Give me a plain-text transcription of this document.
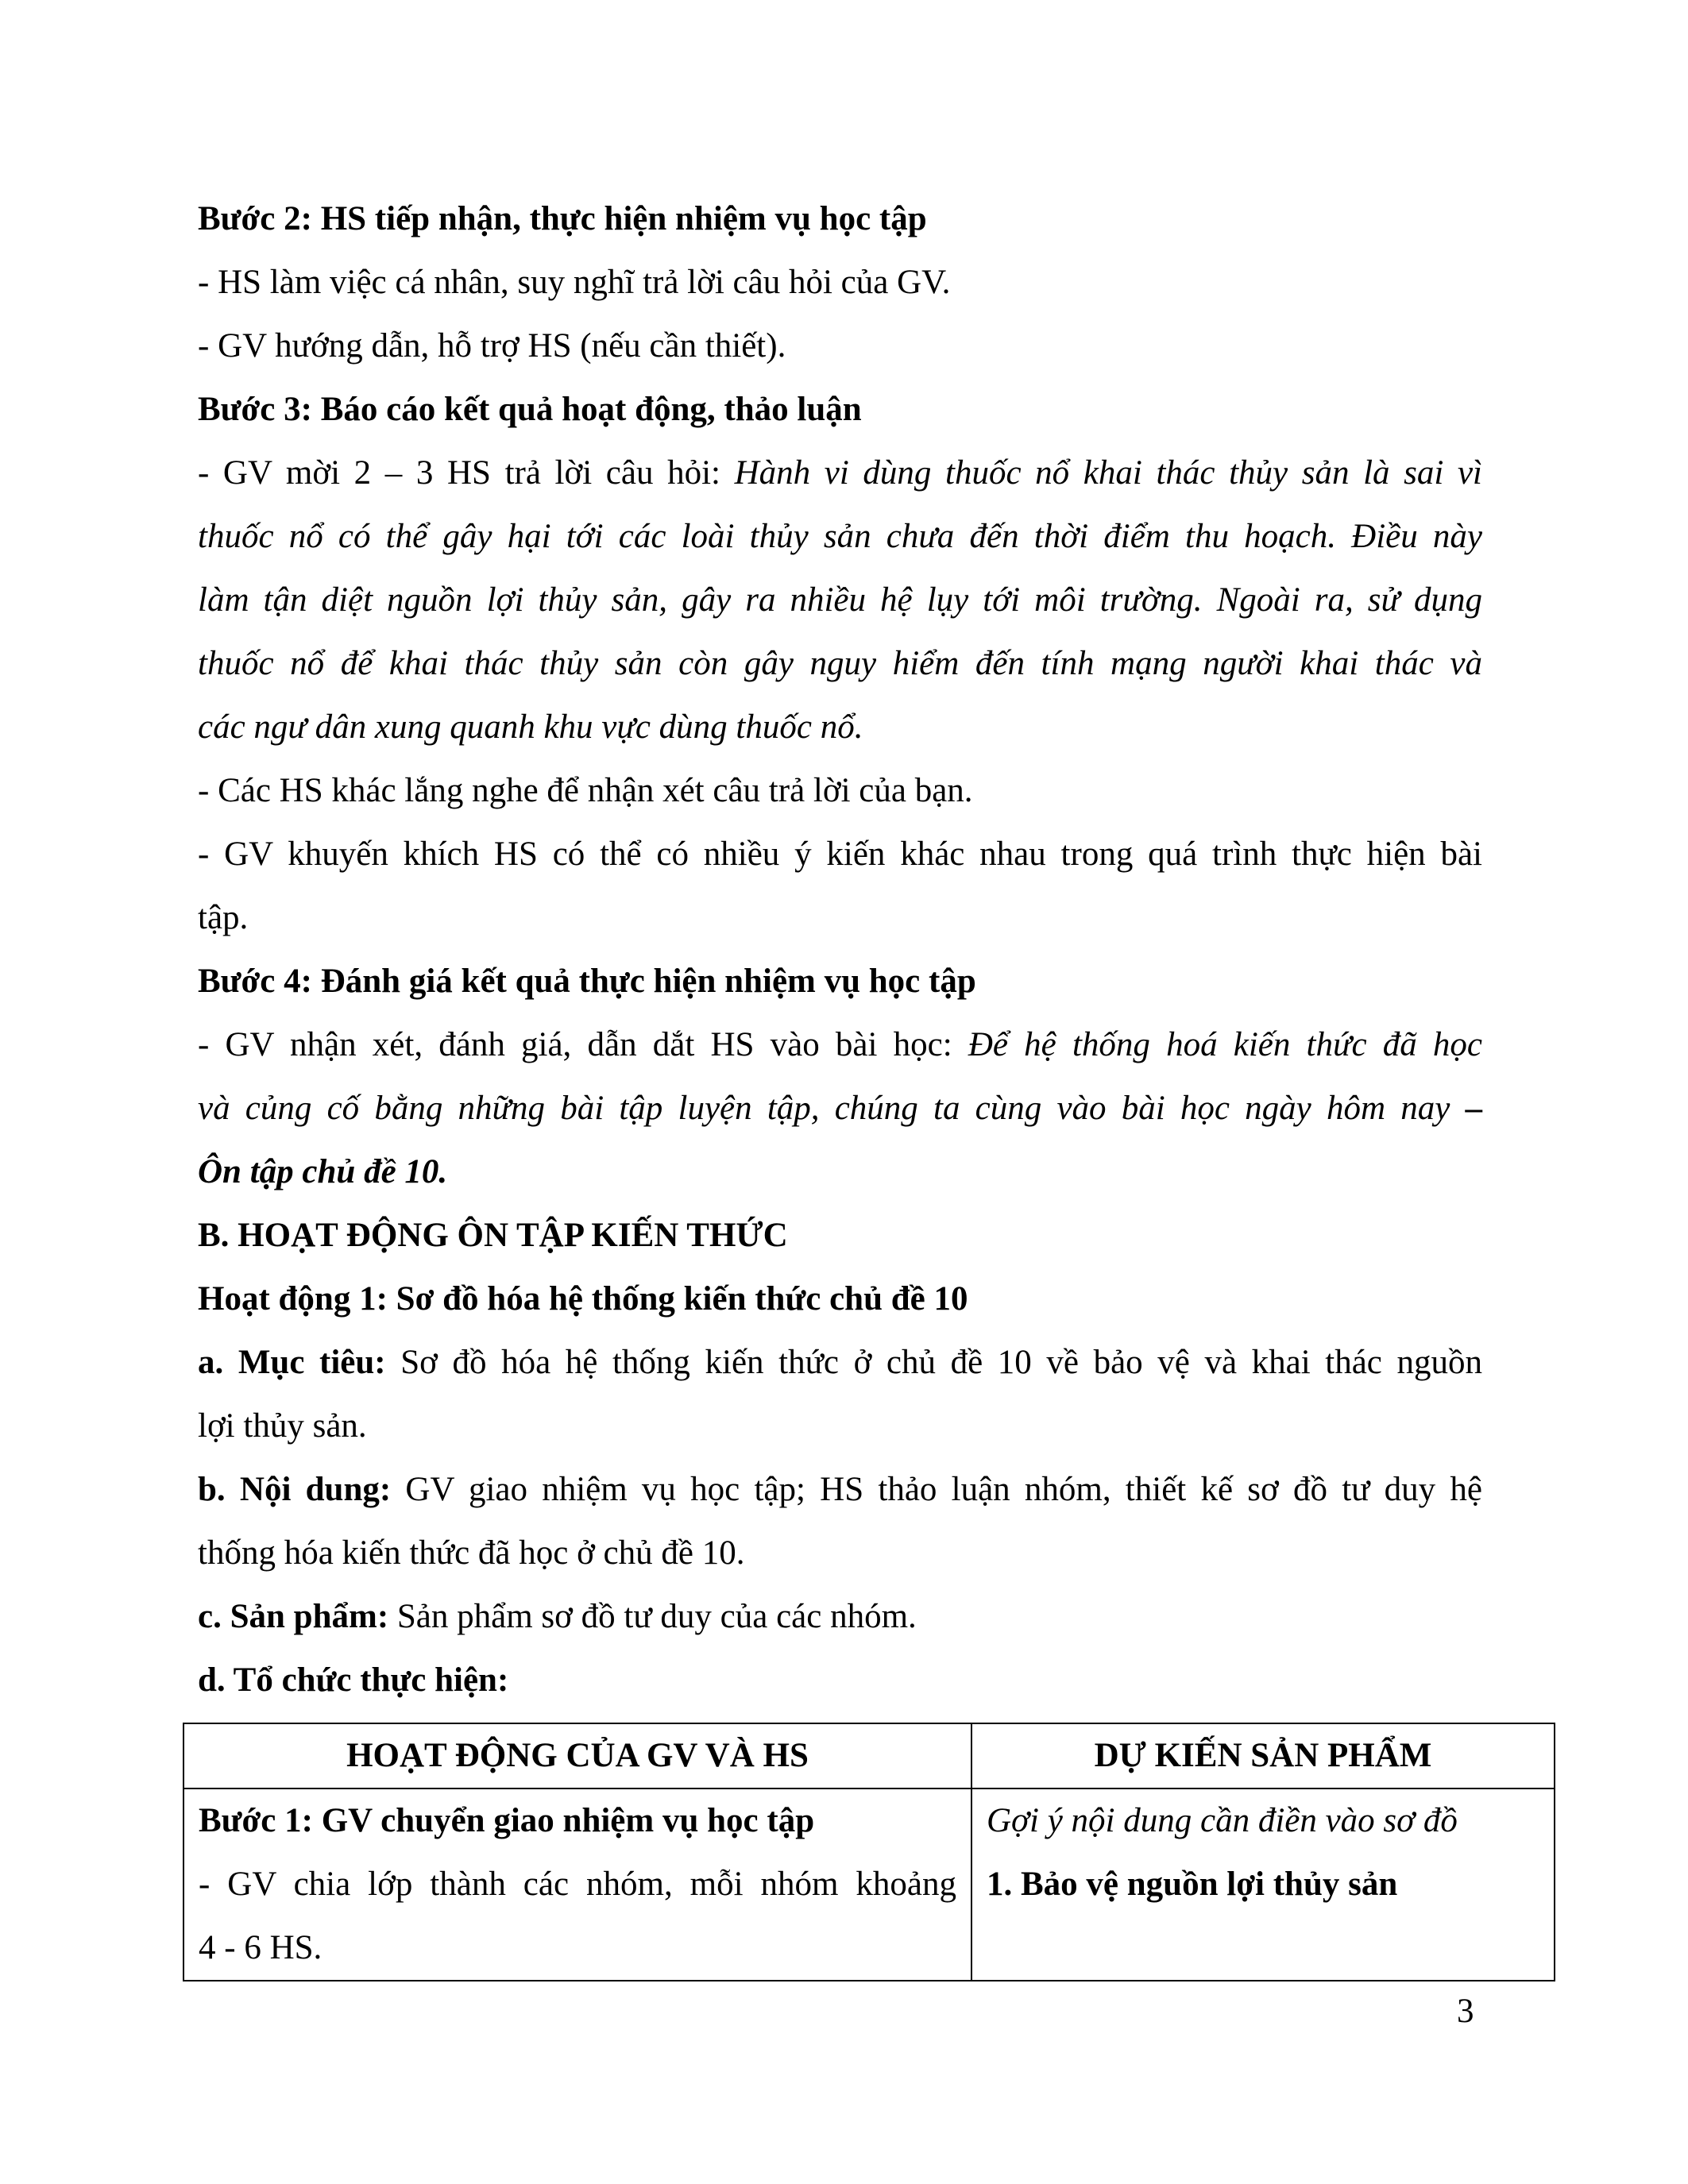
Bước 2: HS tiếp nhận, thực hiện nhiệm vụ học tập
- HS làm việc cá nhân, suy nghĩ trả lời câu hỏi của GV.
- GV hướng dẫn, hỗ trợ HS (nếu cần thiết).
Bước 3: Báo cáo kết quả hoạt động, thảo luận
- GV mời 2 – 3 HS trả lời câu hỏi: Hành vi dùng thuốc nổ khai thác thủy sản là sai vì
thuốc nổ có thể gây hại tới các loài thủy sản chưa đến thời điểm thu hoạch. Điều này
làm tận diệt nguồn lợi thủy sản, gây ra nhiều hệ lụy tới môi trường. Ngoài ra, sử dụng
thuốc nổ để khai thác thủy sản còn gây nguy hiểm đến tính mạng người khai thác và
các ngư dân xung quanh khu vực dùng thuốc nổ.
- Các HS khác lắng nghe để nhận xét câu trả lời của bạn.
- GV khuyến khích HS có thể có nhiều ý kiến khác nhau trong quá trình thực hiện bài
tập.
Bước 4: Đánh giá kết quả thực hiện nhiệm vụ học tập
- GV nhận xét, đánh giá, dẫn dắt HS vào bài học: Để hệ thống hoá kiến thức đã học
và củng cố bằng những bài tập luyện tập, chúng ta cùng vào bài học ngày hôm nay –
Ôn tập chủ đề 10.
B. HOẠT ĐỘNG ÔN TẬP KIẾN THỨC
Hoạt động 1: Sơ đồ hóa hệ thống kiến thức chủ đề 10
a. Mục tiêu: Sơ đồ hóa hệ thống kiến thức ở chủ đề 10 về bảo vệ và khai thác nguồn
lợi thủy sản.
b. Nội dung: GV giao nhiệm vụ học tập; HS thảo luận nhóm, thiết kế sơ đồ tư duy hệ
thống hóa kiến thức đã học ở chủ đề 10.
c. Sản phẩm: Sản phẩm sơ đồ tư duy của các nhóm.
d. Tổ chức thực hiện:
HOẠT ĐỘNG CỦA GV VÀ HS	DỰ KIẾN SẢN PHẨM

Bước 1: GV chuyển giao nhiệm vụ học tập
- GV chia lớp thành các nhóm, mỗi nhóm khoảng
4 - 6 HS.	Gợi ý nội dung cần điền vào sơ đồ
1. Bảo vệ nguồn lợi thủy sản
3
